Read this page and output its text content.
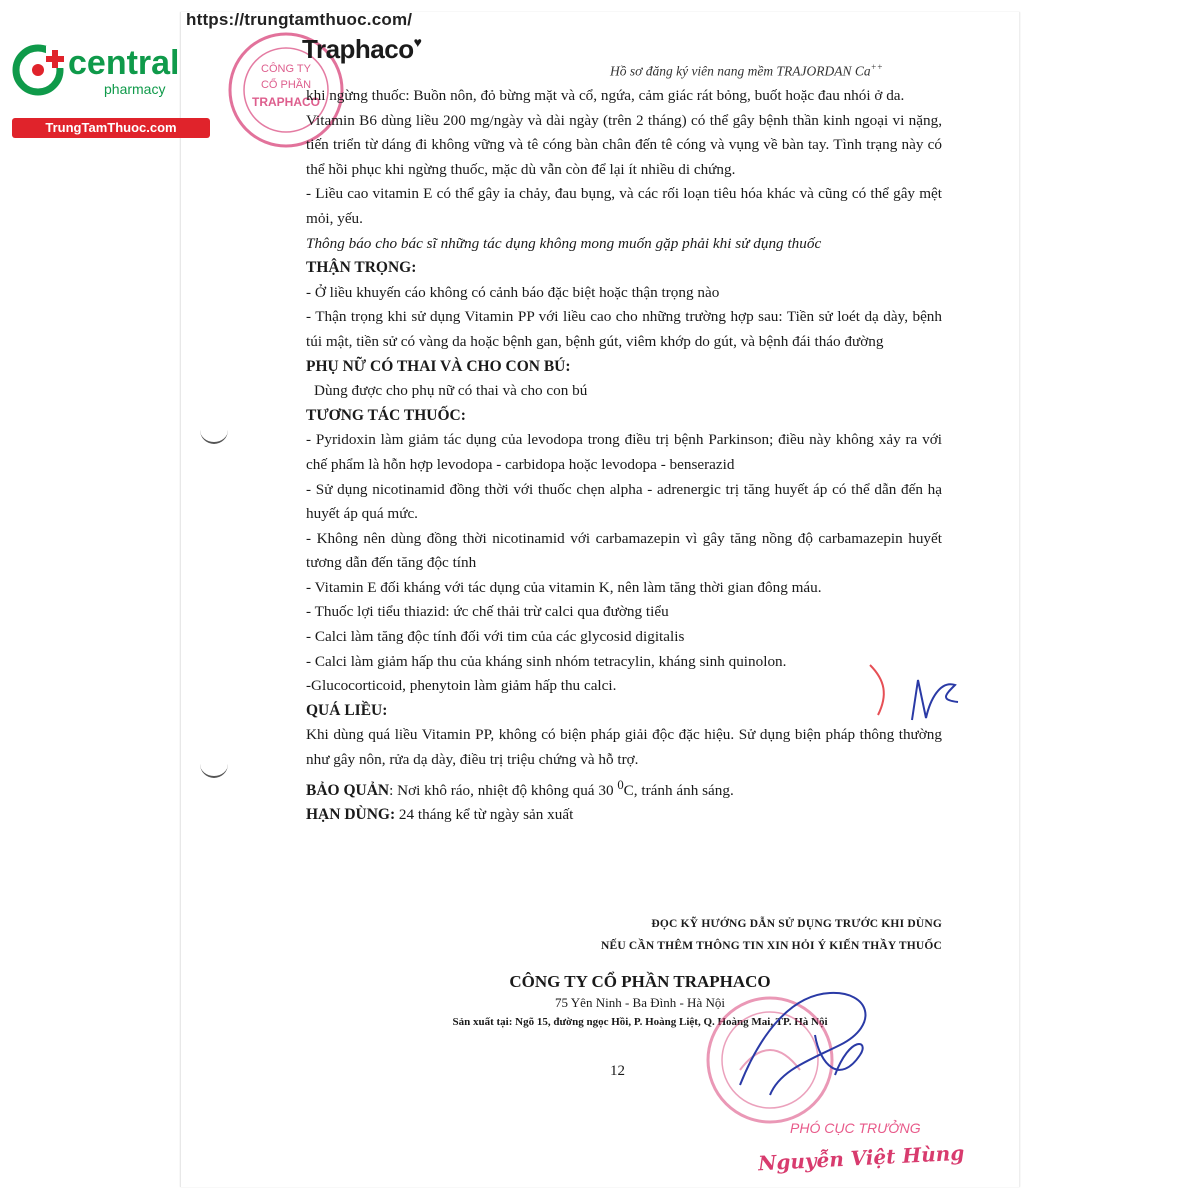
CÔNG TY
CỔ PHẦN
TRAPHACO
https://trungtamthuoc.com/
central
pharmacy
TrungTamThuoc.com
Traphaco♥
Hồ sơ đăng ký viên nang mềm TRAJORDAN Ca++

khi ngừng thuốc: Buồn nôn, đỏ bừng mặt và cổ, ngứa, cảm giác rát bỏng, buốt hoặc đau nhói ở da.

Vitamin B6 dùng liều 200 mg/ngày và dài ngày (trên 2 tháng) có thể gây bệnh thần kinh ngoại vi nặng, tiến triển từ dáng đi không vững và tê cóng bàn chân đến tê cóng và vụng về bàn tay. Tình trạng này có thể hồi phục khi ngừng thuốc, mặc dù vẫn còn để lại ít nhiều di chứng.

- Liều cao vitamin E có thể gây ỉa chảy, đau bụng, và các rối loạn tiêu hóa khác và cũng có thể gây mệt mỏi, yếu.

Thông báo cho bác sĩ những tác dụng không mong muốn gặp phải khi sử dụng thuốc

THẬN TRỌNG:

- Ở liều khuyến cáo không có cảnh báo đặc biệt hoặc thận trọng nào

- Thận trọng khi sử dụng Vitamin PP với liều cao cho những trường hợp sau: Tiền sử loét dạ dày, bệnh túi mật, tiền sử có vàng da hoặc bệnh gan, bệnh gút, viêm khớp do gút, và bệnh đái tháo đường

PHỤ NỮ CÓ THAI VÀ CHO CON BÚ:

Dùng được cho phụ nữ có thai và cho con bú

TƯƠNG TÁC THUỐC:

- Pyridoxin làm giảm tác dụng của levodopa trong điều trị bệnh Parkinson; điều này không xảy ra với chế phẩm là hỗn hợp levodopa - carbidopa hoặc levodopa - benserazid

- Sử dụng nicotinamid đồng thời với thuốc chẹn alpha - adrenergic trị tăng huyết áp có thể dẫn đến hạ huyết áp quá mức.

- Không nên dùng đồng thời nicotinamid với carbamazepin vì gây tăng nồng độ carbamazepin huyết tương dẫn đến tăng độc tính

- Vitamin E đối kháng với tác dụng của vitamin K, nên làm tăng thời gian đông máu.

- Thuốc lợi tiểu thiazid: ức chế thải trừ calci qua đường tiểu

- Calci làm tăng độc tính đối với tim của các glycosid digitalis

- Calci làm giảm hấp thu của kháng sinh nhóm tetracylin, kháng sinh quinolon.

-Glucocorticoid, phenytoin làm giảm hấp thu calci.

QUÁ LIỀU:

Khi dùng quá liều Vitamin PP, không có biện pháp giải độc đặc hiệu. Sử dụng biện pháp thông thường như gây nôn, rửa dạ dày, điều trị triệu chứng và hỗ trợ.

BẢO QUẢN: Nơi khô ráo, nhiệt độ không quá 30 $^0$C, tránh ánh sáng.

HẠN DÙNG: 24 tháng kể từ ngày sản xuất

ĐỌC KỸ HƯỚNG DẪN SỬ DỤNG TRƯỚC KHI DÙNG
NẾU CẦN THÊM THÔNG TIN XIN HỎI Ý KIẾN THẦY THUỐC
CÔNG TY CỔ PHẦN TRAPHACO
75 Yên Ninh - Ba Đình - Hà Nội
Sản xuất tại: Ngõ 15, đường ngọc Hồi, P. Hoàng Liệt, Q. Hoàng Mai, TP. Hà Nội
12
PHÓ CỤC TRƯỞNG
Nguyễn Việt Hùng
